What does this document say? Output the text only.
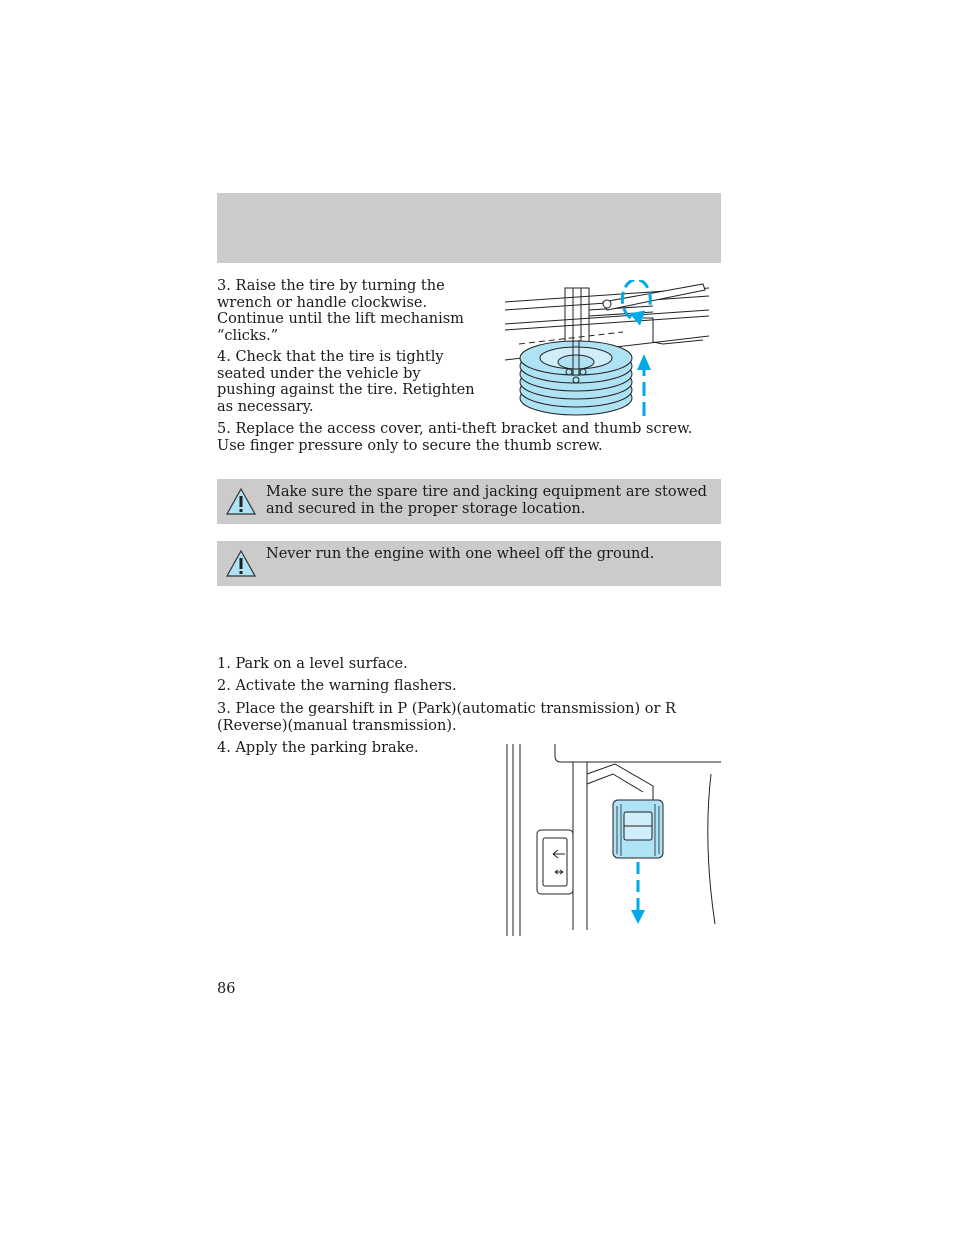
3. Raise the tire by turning the wrench or handle clockwise. Continue until the lift mechanism “clicks.”

4. Check that the tire is tightly seated under the vehicle by pushing against the tire. Retighten as necessary.

5. Replace the access cover, anti-theft bracket and thumb screw. Use finger pressure only to secure the thumb screw.

Make sure the spare tire and jacking equipment are stowed and secured in the proper storage location.
Never run the engine with one wheel off the ground.

1. Park on a level surface.

2. Activate the warning flashers.

3. Place the gearshift in P (Park)(automatic transmission) or R (Reverse)(manual transmission).

4. Apply the parking brake.

86
